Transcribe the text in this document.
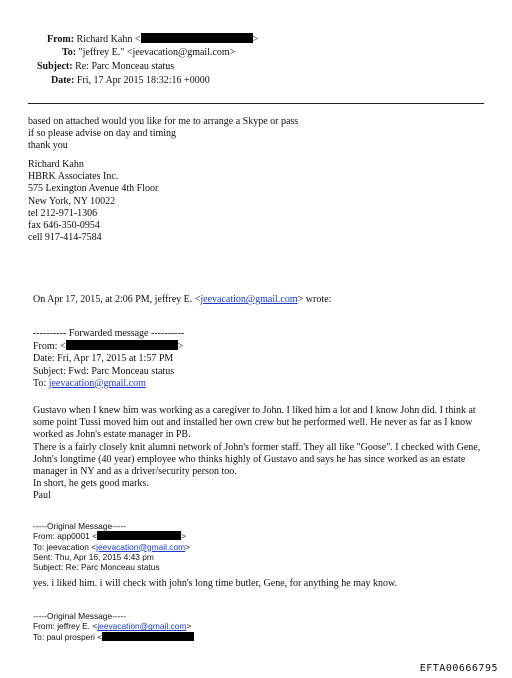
From: Richard Kahn <	>
To: "jeffrey E." <jeevacation@gmail.com>
Subject: Re: Parc Monceau status
Date: Fri, 17 Apr 2015 18:32:16 +0000
based on attached would you like for me to arrange a Skype or pass
if so please advise on day and timing
thank you
Richard Kahn
HBRK Associates Inc.
575 Lexington Avenue 4th Floor
New York, NY 10022
tel 212-971-1306
fax 646-350-0954
cell 917-414-7584
On Apr 17, 2015, at 2:06 PM, jeffrey E. <jeevacation@gmail.com> wrote:
---------- Forwarded message ----------
From: <	>
Date: Fri, Apr 17, 2015 at 1:57 PM
Subject: Fwd: Parc Monceau status
To: jeevacation@gmail.com
Gustavo when I knew him was working as a caregiver to John. I liked him a lot and I know John did. I think at
some point Tussi moved him out and installed her own crew but he performed well. He never as far as I know
worked as John's estate manager in PB.
There is a fairly closely knit alumni network of John's former staff. They all like "Goose". I checked with Gene,
John's longtime (40 year) employee who thinks highly of Gustavo and says he has since worked as an estate
manager in NY and as a driver/security person too.
In short, he gets good marks.
Paul
-----Original Message-----
From: app0001 <	>
To: jeevacation <jeevacation@gmail.com>
Sent: Thu, Apr 16, 2015 4:43 pm
Subject: Re: Parc Monceau status
yes. i liked him. i will check with john's long time butler, Gene, for anything he may know.
-----Original Message-----
From: jeffrey E. <jeevacation@gmail.com>
To: paul prosperi <
EFTA00666795
